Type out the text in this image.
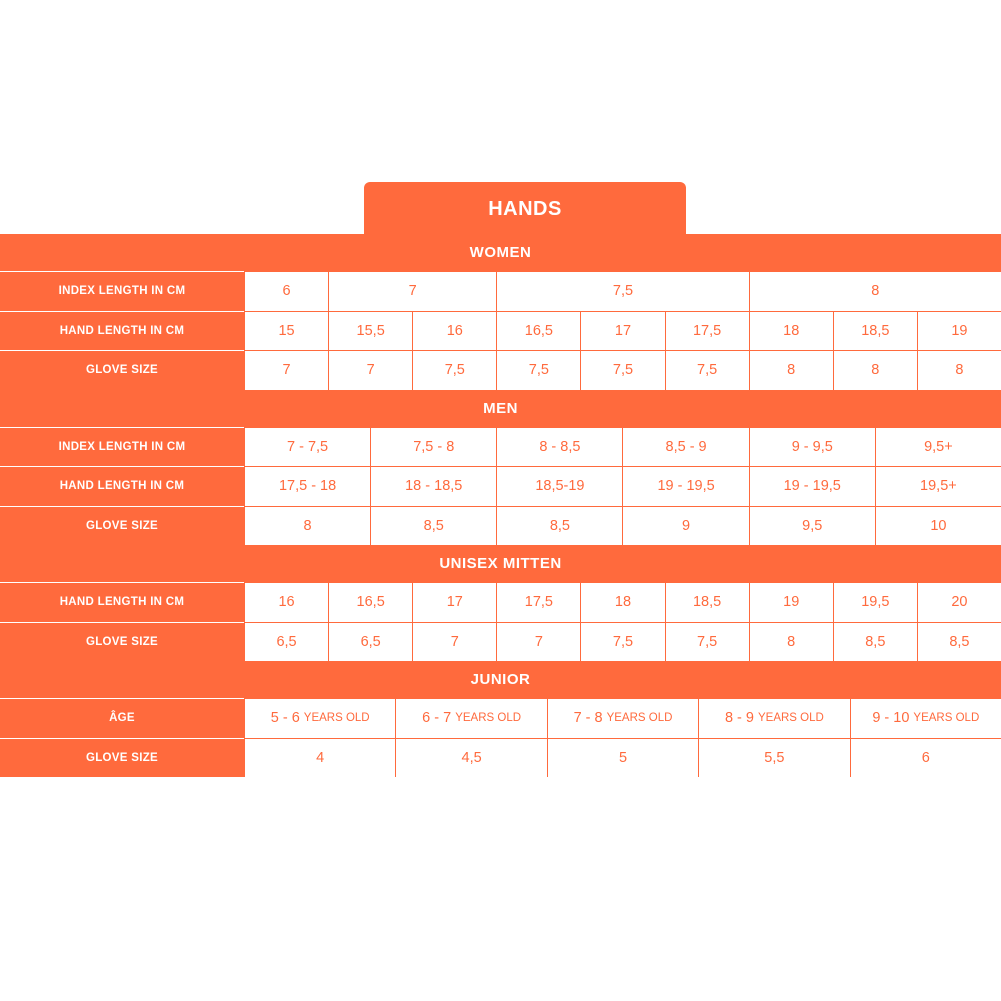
HANDS
WOMEN
INDEX LENGTH IN CM	6	7	7,5	8
HAND LENGTH IN CM	15	15,5	16	16,5	17	17,5	18	18,5	19
GLOVE SIZE	7	7	7,5	7,5	7,5	7,5	8	8	8
MEN
INDEX LENGTH IN CM	7 - 7,5	7,5 - 8	8 - 8,5	8,5 - 9	9 - 9,5	9,5+
HAND LENGTH IN CM	17,5 - 18	18 - 18,5	18,5-19	19 - 19,5	19 - 19,5	19,5+
GLOVE SIZE	8	8,5	8,5	9	9,5	10
UNISEX MITTEN
HAND LENGTH IN CM	16	16,5	17	17,5	18	18,5	19	19,5	20
GLOVE SIZE	6,5	6,5	7	7	7,5	7,5	8	8,5	8,5
JUNIOR
ÂGE	5 - 6 YEARS OLD	6 - 7 YEARS OLD	7 - 8 YEARS OLD	8 - 9 YEARS OLD	9 - 10 YEARS OLD
GLOVE SIZE	4	4,5	5	5,5	6
